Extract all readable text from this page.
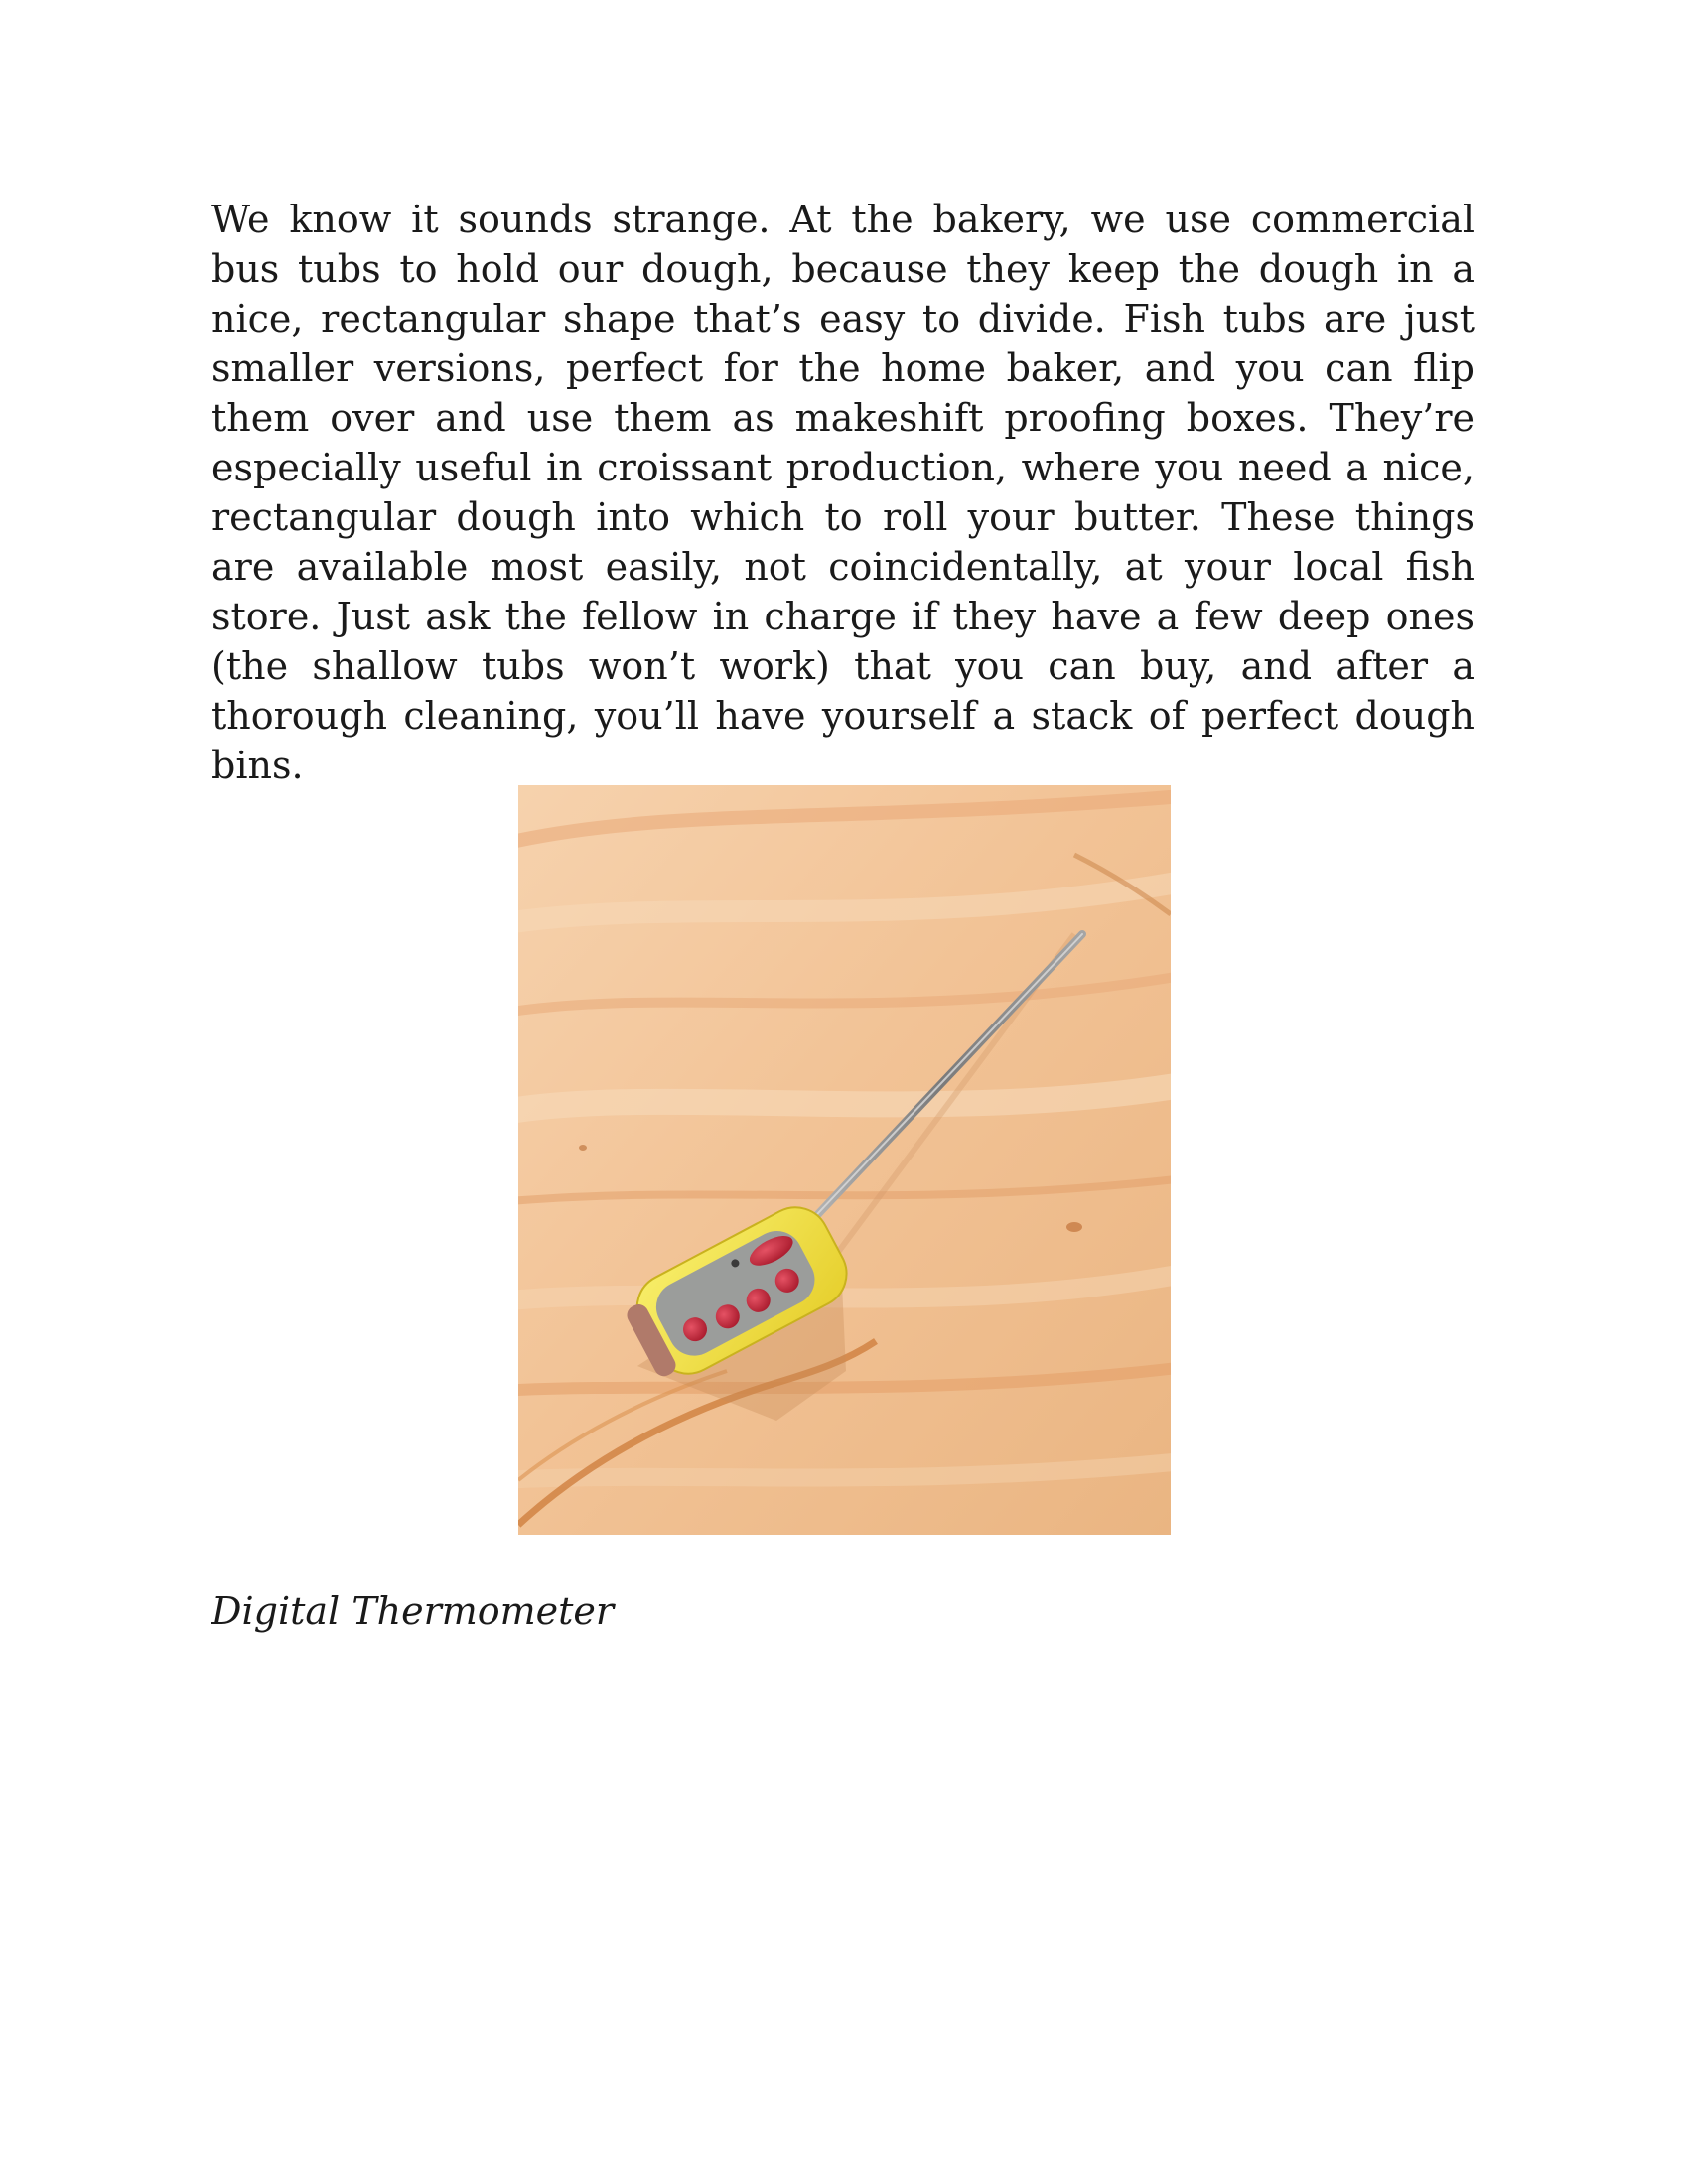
We know it sounds strange. At the bakery, we use commercial bus tubs to hold our dough, because they keep the dough in a nice, rectangular shape that’s easy to divide. Fish tubs are just smaller versions, perfect for the home baker, and you can flip them over and use them as makeshift proofing boxes. They’re especially useful in croissant production, where you need a nice, rectangular dough into which to roll your butter. These things are available most easily, not coincidentally, at your local fish store. Just ask the fellow in charge if they have a few deep ones (the shallow tubs won’t work) that you can buy, and after a thorough cleaning, you’ll have yourself a stack of perfect dough bins.

Digital Thermometer
